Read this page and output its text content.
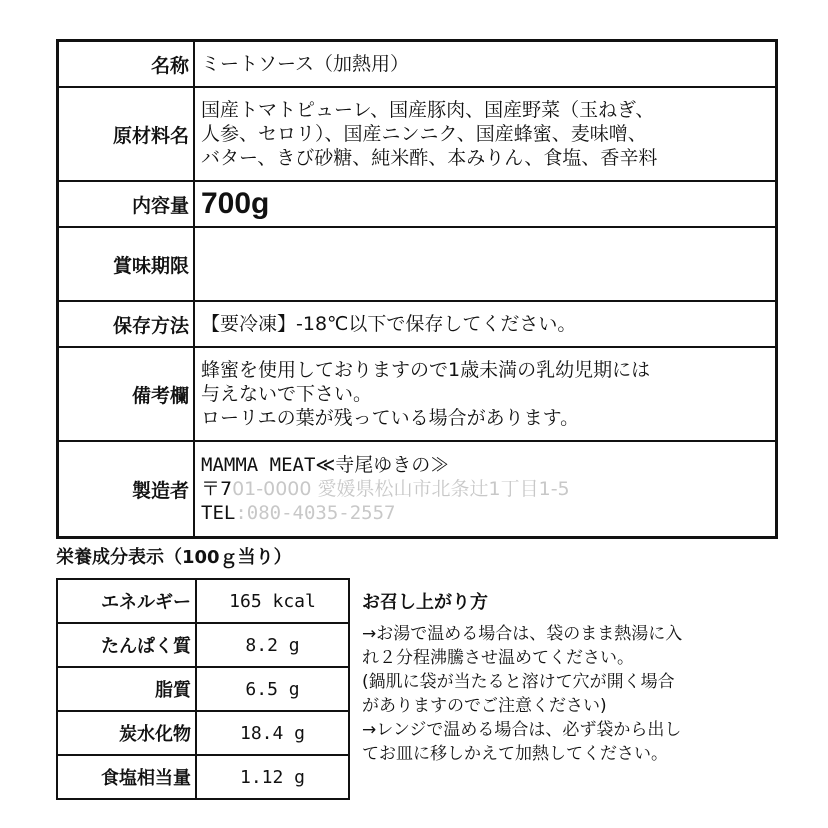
名称 ミートソース（加熱用）
原材料名
国産トマトピューレ、国産豚肉、国産野菜（玉ねぎ、
人参、セロリ）、国産ニンニク、国産蜂蜜、麦味噌、
バター、きび砂糖、純米酢、本みりん、食塩、香辛料
内容量 700g
賞味期限
保存方法 【要冷凍】-18℃以下で保存してください。
備考欄
蜂蜜を使用しておりますので1歳未満の乳幼児期には
与えないで下さい。
ローリエの葉が残っている場合があります。
製造者
MAMMA MEAT≪寺尾ゆきの≫
〒701-0000 愛媛県松山市北条辻1丁目1-5
TEL:080-4035-2557
栄養成分表示（100ｇ当り）
エネルギー	165 kcal
たんぱく質	8.2 g
脂質	6.5 g
炭水化物	18.4 g
食塩相当量	1.12 g
お召し上がり方
→お湯で温める場合は、袋のまま熱湯に入
れ２分程沸騰させ温めてください。
(鍋肌に袋が当たると溶けて穴が開く場合
がありますのでご注意ください)
→レンジで温める場合は、必ず袋から出し
てお皿に移しかえて加熱してください。
